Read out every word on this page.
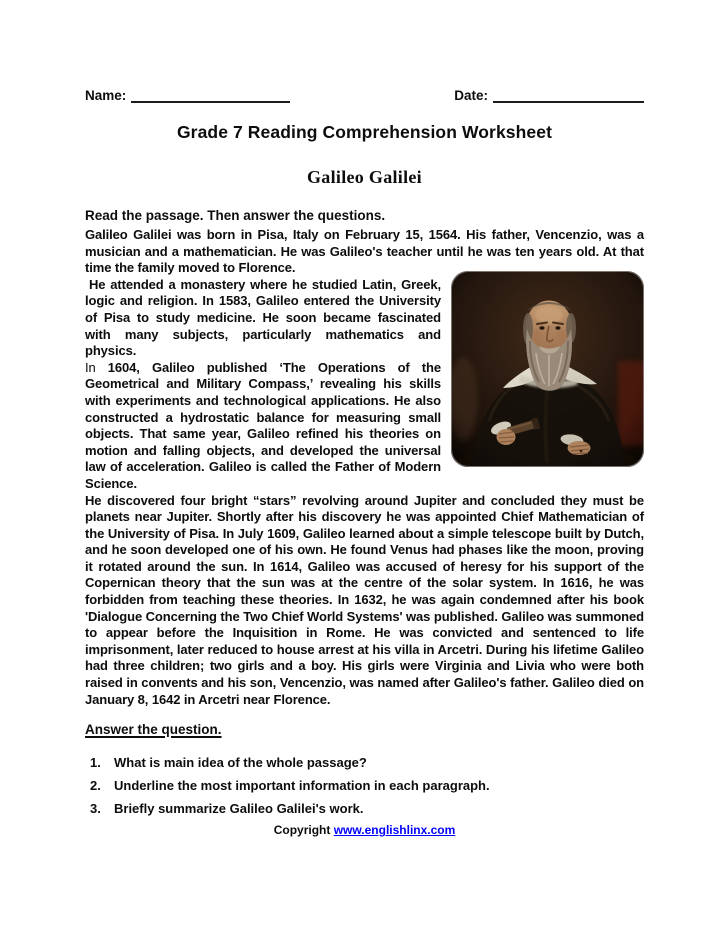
Name:	Date:
Grade 7 Reading Comprehension Worksheet
Galileo Galilei
Read the passage. Then answer the questions.

Galileo Galilei was born in Pisa, Italy on February 15, 1564. His father, Vencenzio, was a musician and a mathematician. He was Galileo's teacher until he was ten years old. At that time the family moved to Florence.

He attended a monastery where he studied Latin, Greek, logic and religion. In 1583, Galileo entered the University of Pisa to study medicine. He soon became fascinated with many subjects, particularly mathematics and physics.

In 1604, Galileo published ‘The Operations of the Geometrical and Military Compass,’ revealing his skills with experiments and technological applications. He also constructed a hydrostatic balance for measuring small objects. That same year, Galileo refined his theories on motion and falling objects, and developed the universal law of acceleration. Galileo is called the Father of Modern Science.

He discovered four bright “stars” revolving around Jupiter and concluded they must be planets near Jupiter. Shortly after his discovery he was appointed Chief Mathematician of the University of Pisa. In July 1609, Galileo learned about a simple telescope built by Dutch, and he soon developed one of his own. He found Venus had phases like the moon, proving it rotated around the sun. In 1614, Galileo was accused of heresy for his support of the Copernican theory that the sun was at the centre of the solar system. In 1616, he was forbidden from teaching these theories. In 1632, he was again condemned after his book 'Dialogue Concerning the Two Chief World Systems' was published. Galileo was summoned to appear before the Inquisition in Rome. He was convicted and sentenced to life imprisonment, later reduced to house arrest at his villa in Arcetri. During his lifetime Galileo had three children; two girls and a boy. His girls were Virginia and Livia who were both raised in convents and his son, Vencenzio, was named after Galileo's father. Galileo died on January 8, 1642 in Arcetri near Florence.

Answer the question.
1.	What is main idea of the whole passage?
2.	Underline the most important information in each paragraph.
3.	Briefly summarize Galileo Galilei's work.
Copyright www.englishlinx.com
